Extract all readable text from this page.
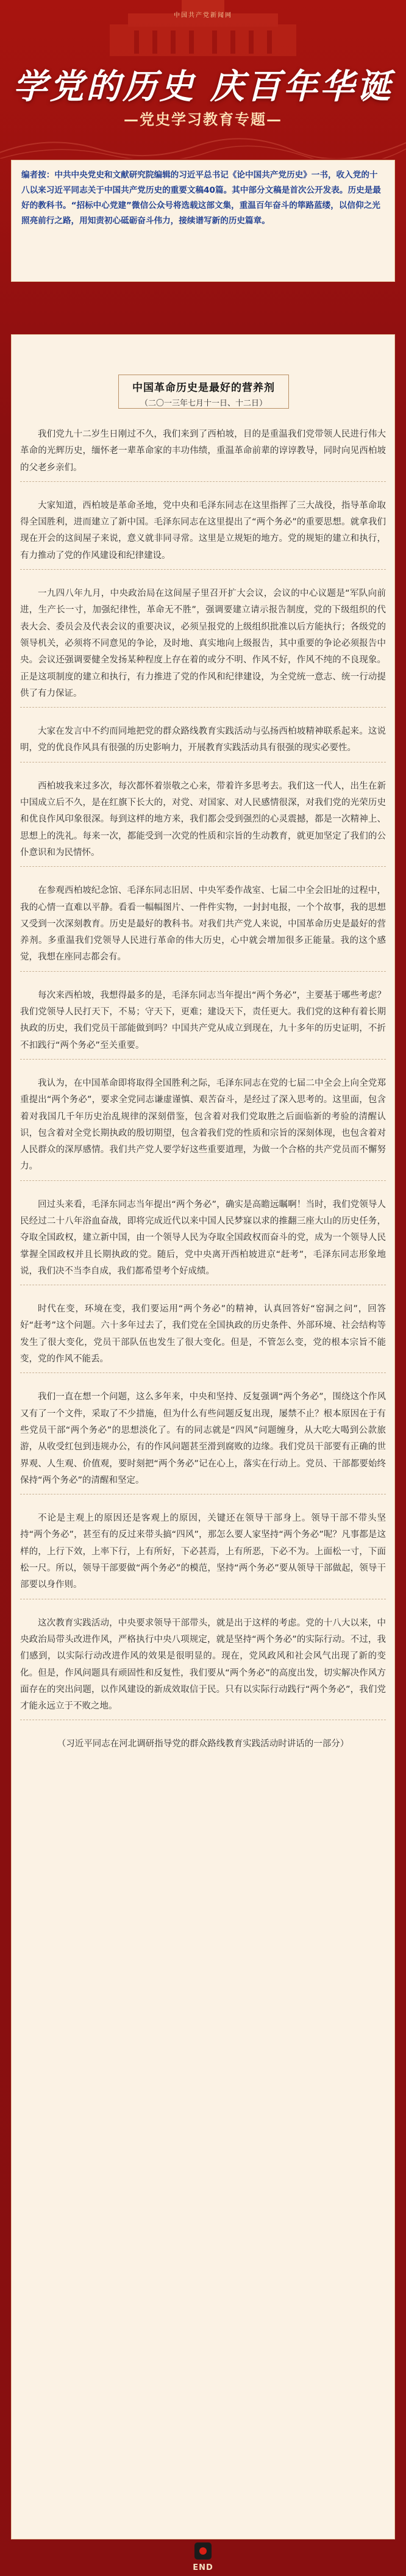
中国共产党新闻网
学党的历史 庆百年华诞
—党史学习教育专题—
编者按：中共中央党史和文献研究院编辑的习近平总书记《论中国共产党历史》一书，收入党的十八以来习近平同志关于中国共产党历史的重要文稿40篇。其中部分文稿是首次公开发表。历史是最好的教科书。“招标中心党建”微信公众号将选载这部文集，重温百年奋斗的筚路蓝缕，以信仰之光照亮前行之路，用知责初心砥砺奋斗伟力，接续谱写新的历史篇章。
中国革命历史是最好的营养剂
（二〇一三年七月十一日、十二日）

我们党九十二岁生日刚过不久，我们来到了西柏坡，目的是重温我们党带领人民进行伟大革命的光辉历史，缅怀老一辈革命家的丰功伟绩，重温革命前辈的谆谆教导，同时向见西柏坡的父老乡亲们。

大家知道，西柏坡是革命圣地，党中央和毛泽东同志在这里指挥了三大战役，指导革命取得全国胜利，进而建立了新中国。毛泽东同志在这里提出了“两个务必”的重要思想。就拿我们现在开会的这间屋子来说，意义就非同寻常。这里是立规矩的地方。党的规矩的建立和执行，有力推动了党的作风建设和纪律建设。

一九四八年九月，中央政治局在这间屋子里召开扩大会议，会议的中心议题是“军队向前进，生产长一寸，加强纪律性，革命无不胜”，强调要建立请示报告制度，党的下级组织的代表大会、委员会及代表会议的重要决议，必须呈报党的上级组织批准以后方能执行；各级党的领导机关，必须将不同意见的争论，及时地、真实地向上级报告，其中重要的争论必须报告中央。会议还强调要健全发扬某种程度上存在着的或分不明、作风不好，作风不纯的不良现象。正是这项制度的建立和执行，有力推进了党的作风和纪律建设，为全党统一意志、统一行动提供了有力保证。

大家在发言中不约而同地把党的群众路线教育实践活动与弘扬西柏坡精神联系起来。这说明，党的优良作风具有很强的历史影响力，开展教育实践活动具有很强的现实必要性。

西柏坡我来过多次，每次都怀着崇敬之心来，带着许多思考去。我们这一代人，出生在新中国成立后不久，是在红旗下长大的，对党、对国家、对人民感情很深，对我们党的光荣历史和优良作风印象很深。每到这样的地方来，我们都会受到强烈的心灵震撼，都是一次精神上、思想上的洗礼。每来一次，都能受到一次党的性质和宗旨的生动教育，就更加坚定了我们的公仆意识和为民情怀。

在参观西柏坡纪念馆、毛泽东同志旧居、中央军委作战室、七届二中全会旧址的过程中，我的心情一直难以平静。看看一幅幅图片、一件件实物，一封封电报，一个个故事，我的思想又受到一次深刻教育。历史是最好的教科书。对我们共产党人来说，中国革命历史是最好的营养剂。多重温我们党领导人民进行革命的伟大历史，心中就会增加很多正能量。我的这个感觉，我想在座同志都会有。

每次来西柏坡，我想得最多的是，毛泽东同志当年提出“两个务必”，主要基于哪些考虑？我们党领导人民打天下，不易；守天下，更难；建设天下，责任更大。我们党的这种有着长期执政的历史，我们党员干部能做到吗？中国共产党从成立到现在，九十多年的历史证明，不折不扣践行“两个务必”至关重要。

我认为，在中国革命即将取得全国胜利之际，毛泽东同志在党的七届二中全会上向全党郑重提出“两个务必”，要求全党同志谦虚谨慎、艰苦奋斗，是经过了深入思考的。这里面，包含着对我国几千年历史治乱规律的深刻借鉴，包含着对我们党取胜之后面临新的考验的清醒认识，包含着对全党长期执政的殷切期望，包含着我们党的性质和宗旨的深刻体现，也包含着对人民群众的深厚感情。我们共产党人要学好这些重要道理，为做一个合格的共产党员而不懈努力。

回过头来看，毛泽东同志当年提出“两个务必”，确实是高瞻远瞩啊！当时，我们党领导人民经过二十八年浴血奋战，即将完成近代以来中国人民梦寐以求的推翻三座大山的历史任务，夺取全国政权，建立新中国，由一个领导人民为夺取全国政权而奋斗的党，成为一个领导人民掌握全国政权并且长期执政的党。随后，党中央离开西柏坡进京“赶考”，毛泽东同志形象地说，我们决不当李自成，我们都希望考个好成绩。

时代在变，环境在变，我们要运用“两个务必”的精神，认真回答好“窑洞之问”，回答好“赶考”这个问题。六十多年过去了，我们党在全国执政的历史条件、外部环境、社会结构等发生了很大变化，党员干部队伍也发生了很大变化。但是，不管怎么变，党的根本宗旨不能变，党的作风不能丢。

我们一直在想一个问题，这么多年来，中央和坚持、反复强调“两个务必”，围绕这个作风又有了一个文件，采取了不少措施，但为什么有些问题反复出现，屡禁不止？根本原因在于有些党员干部“两个务必”的思想淡化了。有的同志就是“四风”问题缠身，从大吃大喝到公款旅游，从收受红包到违规办公，有的作风问题甚至滑到腐败的边缘。我们党员干部要有正确的世界观、人生观、价值观，要时刻把“两个务必”记在心上，落实在行动上。党员、干部都要始终保持“两个务必”的清醒和坚定。

不论是主观上的原因还是客观上的原因，关键还在领导干部身上。领导干部不带头坚持“两个务必”，甚至有的反过来带头搞“四风”，那怎么要人家坚持“两个务必”呢？凡事都是这样的，上行下效，上率下行，上有所好，下必甚焉，上有所恶，下必不为。上面松一寸，下面松一尺。所以，领导干部要做“两个务必”的模范，坚持“两个务必”要从领导干部做起，领导干部要以身作则。

这次教育实践活动，中央要求领导干部带头，就是出于这样的考虑。党的十八大以来，中央政治局带头改进作风，严格执行中央八项规定，就是坚持“两个务必”的实际行动。不过，我们感到，以实际行动改进作风的效果是很明显的。现在，党风政风和社会风气出现了新的变化。但是，作风问题具有顽固性和反复性，我们要从“两个务必”的高度出发，切实解决作风方面存在的突出问题，以作风建设的新成效取信于民。只有以实际行动践行“两个务必”，我们党才能永远立于不败之地。

（习近平同志在河北调研指导党的群众路线教育实践活动时讲话的一部分）

END
